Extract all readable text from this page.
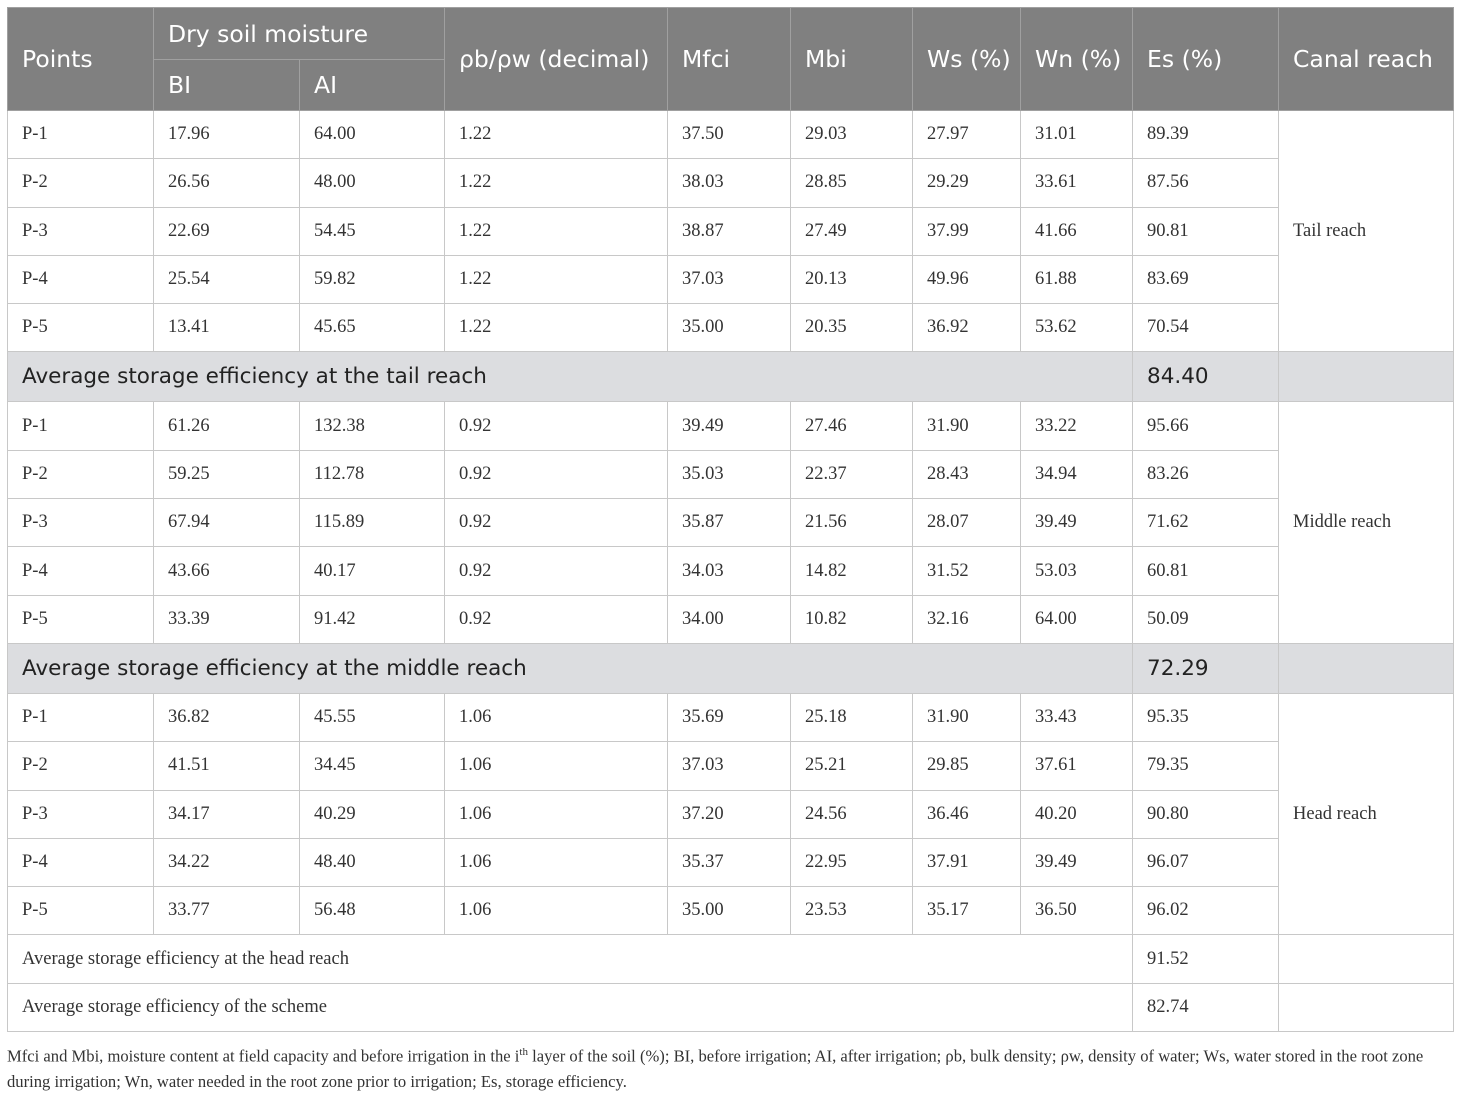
Points	Dry soil moisture		ρb/ρw (decimal)	Mfci	Mbi	Ws (%)	Wn (%)	Es (%)	Canal reach
	BI	AI							
P-1	17.96	64.00	1.22	37.50	29.03	27.97	31.01	89.39	Tail reach
P-2	26.56	48.00	1.22	38.03	28.85	29.29	33.61	87.56	
P-3	22.69	54.45	1.22	38.87	27.49	37.99	41.66	90.81	
P-4	25.54	59.82	1.22	37.03	20.13	49.96	61.88	83.69	
P-5	13.41	45.65	1.22	35.00	20.35	36.92	53.62	70.54	
Average storage efficiency at the tail reach								84.40	
P-1	61.26	132.38	0.92	39.49	27.46	31.90	33.22	95.66	Middle reach
P-2	59.25	112.78	0.92	35.03	22.37	28.43	34.94	83.26	
P-3	67.94	115.89	0.92	35.87	21.56	28.07	39.49	71.62	
P-4	43.66	40.17	0.92	34.03	14.82	31.52	53.03	60.81	
P-5	33.39	91.42	0.92	34.00	10.82	32.16	64.00	50.09	
Average storage efficiency at the middle reach								72.29	
P-1	36.82	45.55	1.06	35.69	25.18	31.90	33.43	95.35	Head reach
P-2	41.51	34.45	1.06	37.03	25.21	29.85	37.61	79.35	
P-3	34.17	40.29	1.06	37.20	24.56	36.46	40.20	90.80	
P-4	34.22	48.40	1.06	35.37	22.95	37.91	39.49	96.07	
P-5	33.77	56.48	1.06	35.00	23.53	35.17	36.50	96.02	
Average storage efficiency at the head reach								91.52	
Average storage efficiency of the scheme								82.74	
Mfci and Mbi, moisture content at field capacity and before irrigation in the $i^{th}$ layer of the soil (%); BI, before irrigation; AI, after irrigation; ρb, bulk density; ρw, density of water; Ws, water stored in the root zone during irrigation; Wn, water needed in the root zone prior to irrigation; Es, storage efficiency.
